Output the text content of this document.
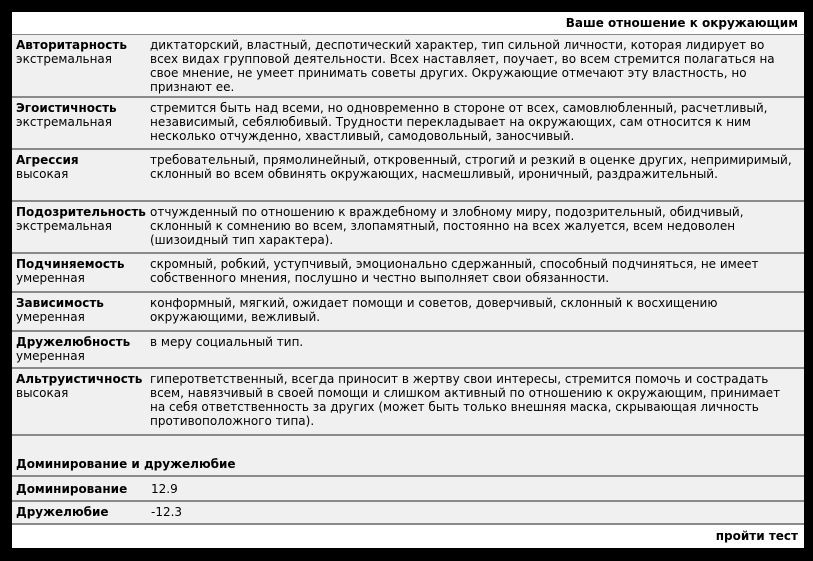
Ваше отношение к окружающим
Авторитарность
экстремальная
диктаторский, властный, деспотический характер, тип сильной личности, которая лидирует во всех видах групповой деятельности. Всех наставляет, поучает, во всем стремится полагаться на свое мнение, не умеет принимать советы других. Окружающие отмечают эту властность, но признают ее.
Эгоистичность
экстремальная
стремится быть над всеми, но одновременно в стороне от всех, самовлюбленный, расчетливый, независимый, себялюбивый. Трудности перекладывает на окружающих, сам относится к ним несколько отчужденно, хвастливый, самодовольный, заносчивый.
Агрессия
высокая
требовательный, прямолинейный, откровенный, строгий и резкий в оценке других, непримиримый, склонный во всем обвинять окружающих, насмешливый, ироничный, раздражительный.
Подозрительность
экстремальная
отчужденный по отношению к враждебному и злобному миру, подозрительный, обидчивый, склонный к сомнению во всем, злопамятный, постоянно на всех жалуется, всем недоволен (шизоидный тип характера).
Подчиняемость
умеренная
скромный, робкий, уступчивый, эмоционально сдержанный, способный подчиняться, не имеет собственного мнения, послушно и честно выполняет свои обязанности.
Зависимость
умеренная
конформный, мягкий, ожидает помощи и советов, доверчивый, склонный к восхищению окружающими, вежливый.
Дружелюбность
умеренная
в меру социальный тип.
Альтруистичность
высокая
гиперответственный, всегда приносит в жертву свои интересы, стремится помочь и сострадать всем, навязчивый в своей помощи и слишком активный по отношению к окружающим, принимает на себя ответственность за других (может быть только внешняя маска, скрывающая личность противоположного типа).
Доминирование и дружелюбие
Доминирование 12.9
Дружелюбие	-12.3
пройти тест
